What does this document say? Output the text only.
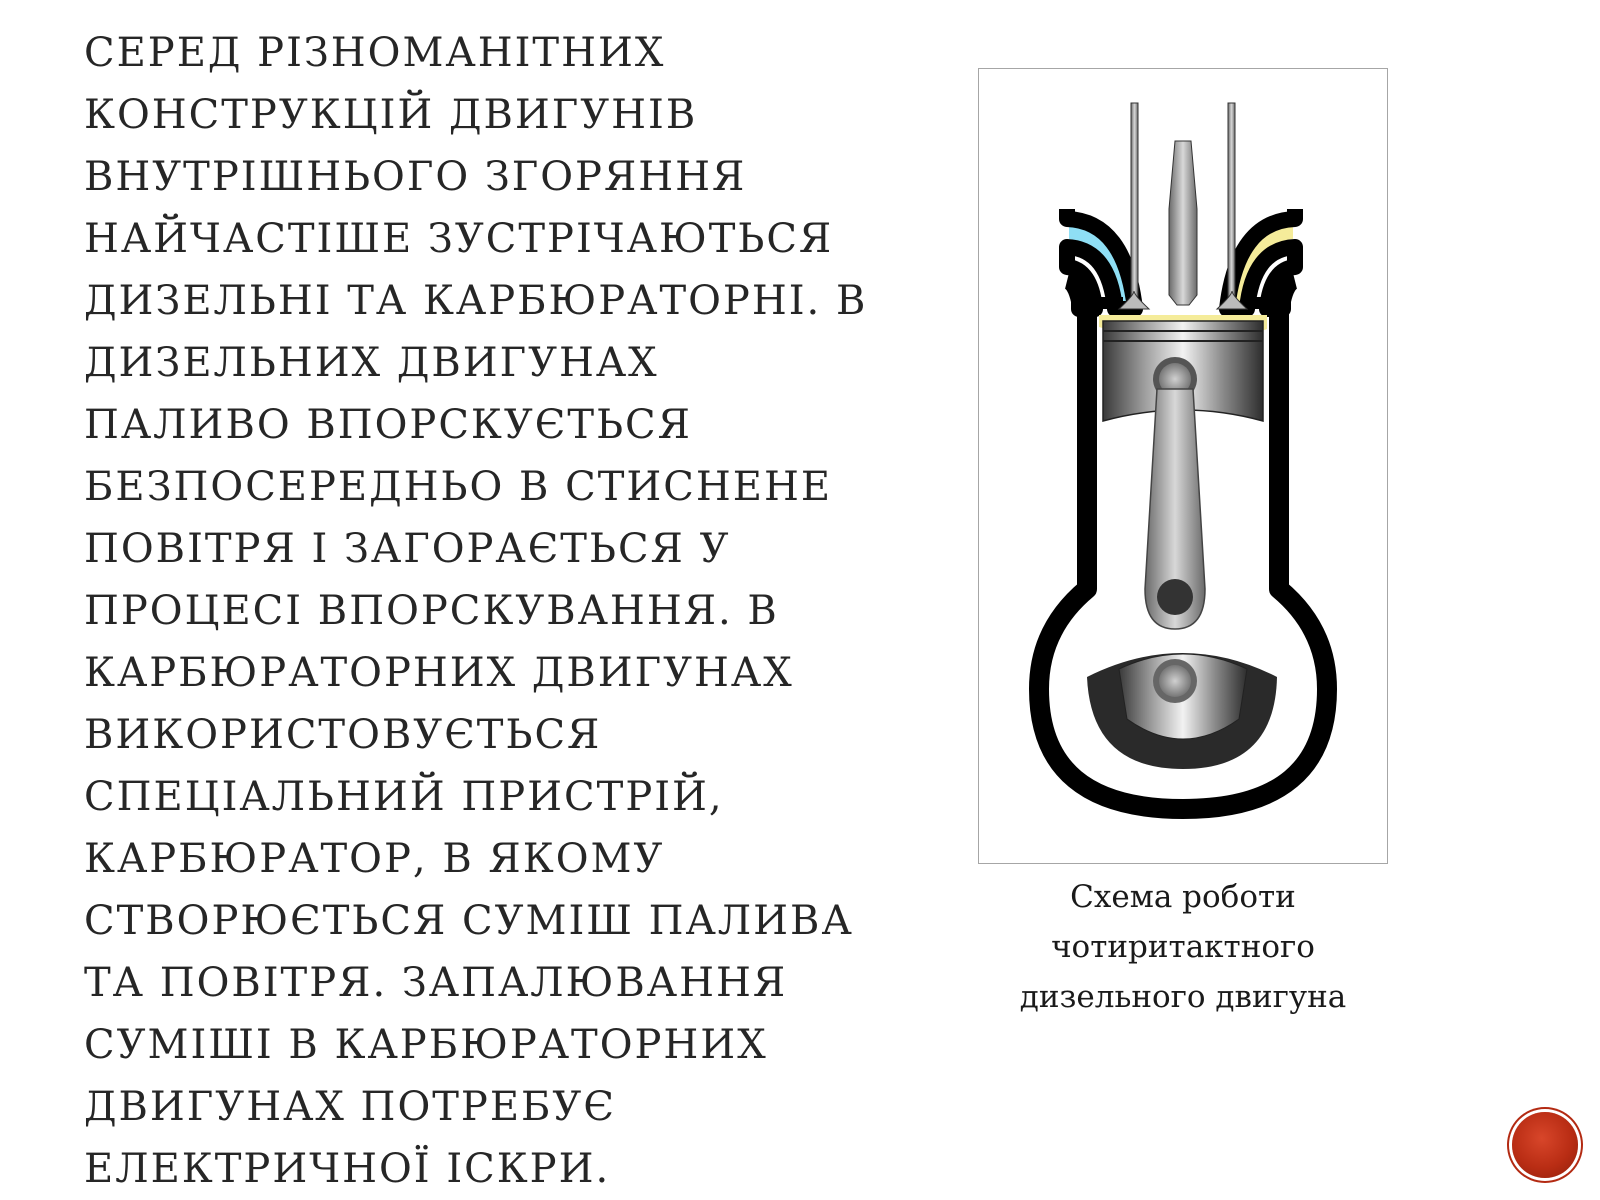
СЕРЕД РІЗНОМАНІТНИХ
КОНСТРУКЦІЙ ДВИГУНІВ
ВНУТРІШНЬОГО ЗГОРЯННЯ
НАЙЧАСТІШЕ ЗУСТРІЧАЮТЬСЯ
ДИЗЕЛЬНІ ТА КАРБЮРАТОРНІ. В
ДИЗЕЛЬНИХ ДВИГУНАХ
ПАЛИВО ВПОРСКУЄТЬСЯ
БЕЗПОСЕРЕДНЬО В СТИСНЕНЕ
ПОВІТРЯ І ЗАГОРАЄТЬСЯ У
ПРОЦЕСІ ВПОРСКУВАННЯ. В
КАРБЮРАТОРНИХ ДВИГУНАХ
ВИКОРИСТОВУЄТЬСЯ
СПЕЦІАЛЬНИЙ ПРИСТРІЙ,
КАРБЮРАТОР, В ЯКОМУ
СТВОРЮЄТЬСЯ СУМІШ ПАЛИВА
ТА ПОВІТРЯ. ЗАПАЛЮВАННЯ
СУМІШІ В КАРБЮРАТОРНИХ
ДВИГУНАХ ПОТРЕБУЄ
ЕЛЕКТРИЧНОЇ ІСКРИ.
Схема роботи
чотиритактного
дизельного двигуна
